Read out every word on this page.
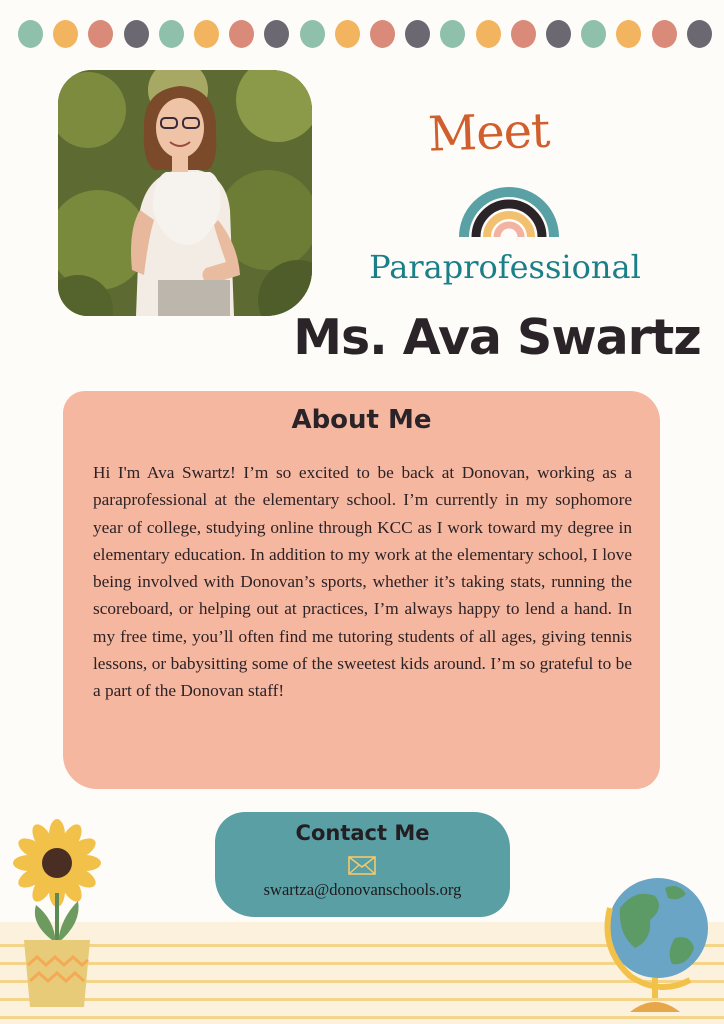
Meet
Paraprofessional
Ms. Ava Swartz
About Me
Hi I'm Ava Swartz! I’m so excited to be back at Donovan, working as a paraprofessional at the elementary school. I’m currently in my sophomore year of college, studying online through KCC as I work toward my degree in elementary education. In addition to my work at the elementary school, I love being involved with Donovan’s sports, whether it’s taking stats, running the scoreboard, or helping out at practices, I’m always happy to lend a hand. In my free time, you’ll often find me tutoring students of all ages, giving tennis lessons, or babysitting some of the sweetest kids around. I’m so grateful to be a part of the Donovan staff!
Contact Me
swartza@donovanschools.org
